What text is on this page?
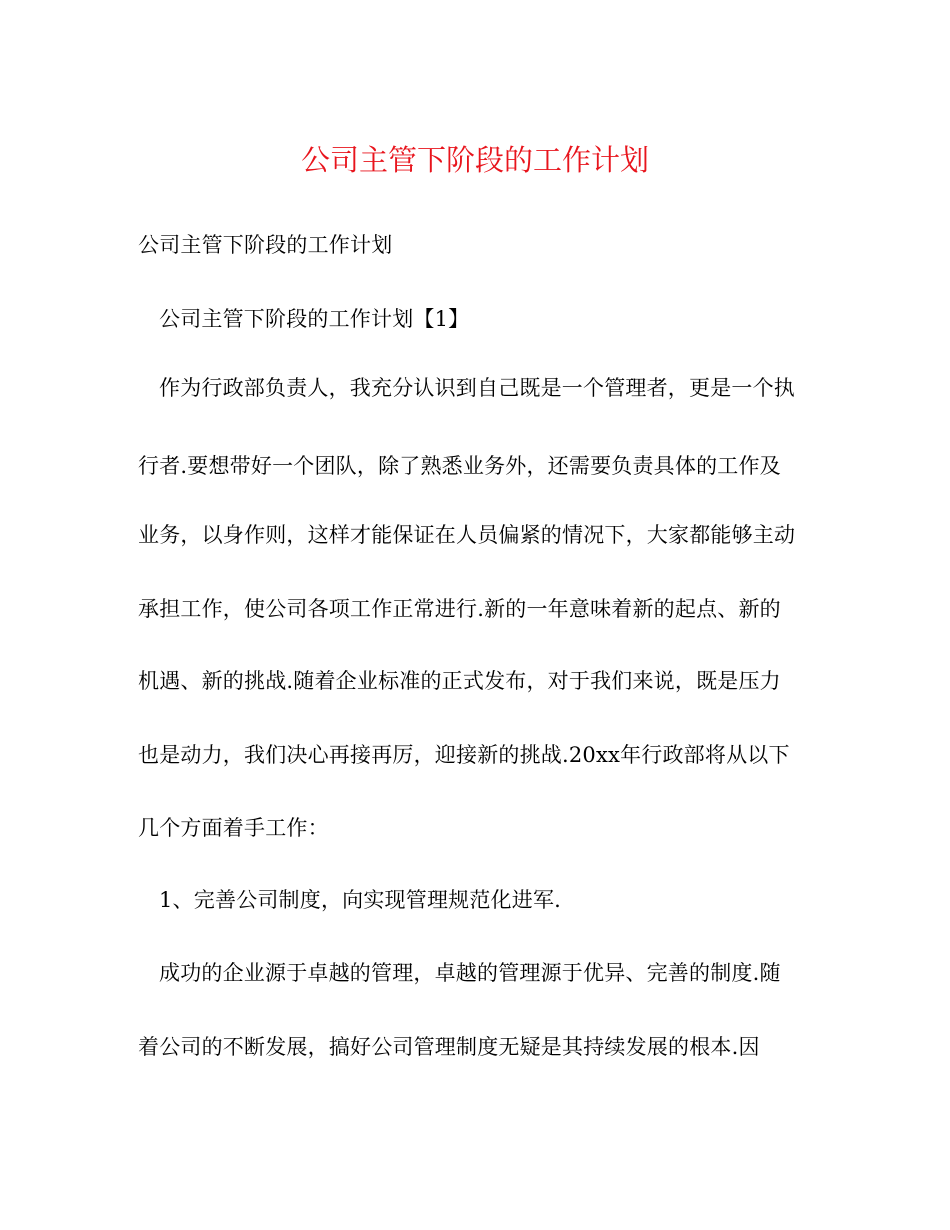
公司主管下阶段的工作计划

公司主管下阶段的工作计划

公司主管下阶段的工作计划【1】

作为行政部负责人，我充分认识到自己既是一个管理者，更是一个执

行者.要想带好一个团队，除了熟悉业务外，还需要负责具体的工作及

业务，以身作则，这样才能保证在人员偏紧的情况下，大家都能够主动

承担工作，使公司各项工作正常进行.新的一年意味着新的起点、新的

机遇、新的挑战.随着企业标准的正式发布，对于我们来说，既是压力

也是动力，我们决心再接再厉，迎接新的挑战.20xx年行政部将从以下

几个方面着手工作：

1、完善公司制度，向实现管理规范化进军.

成功的企业源于卓越的管理，卓越的管理源于优异、完善的制度.随

着公司的不断发展，搞好公司管理制度无疑是其持续发展的根本.因
